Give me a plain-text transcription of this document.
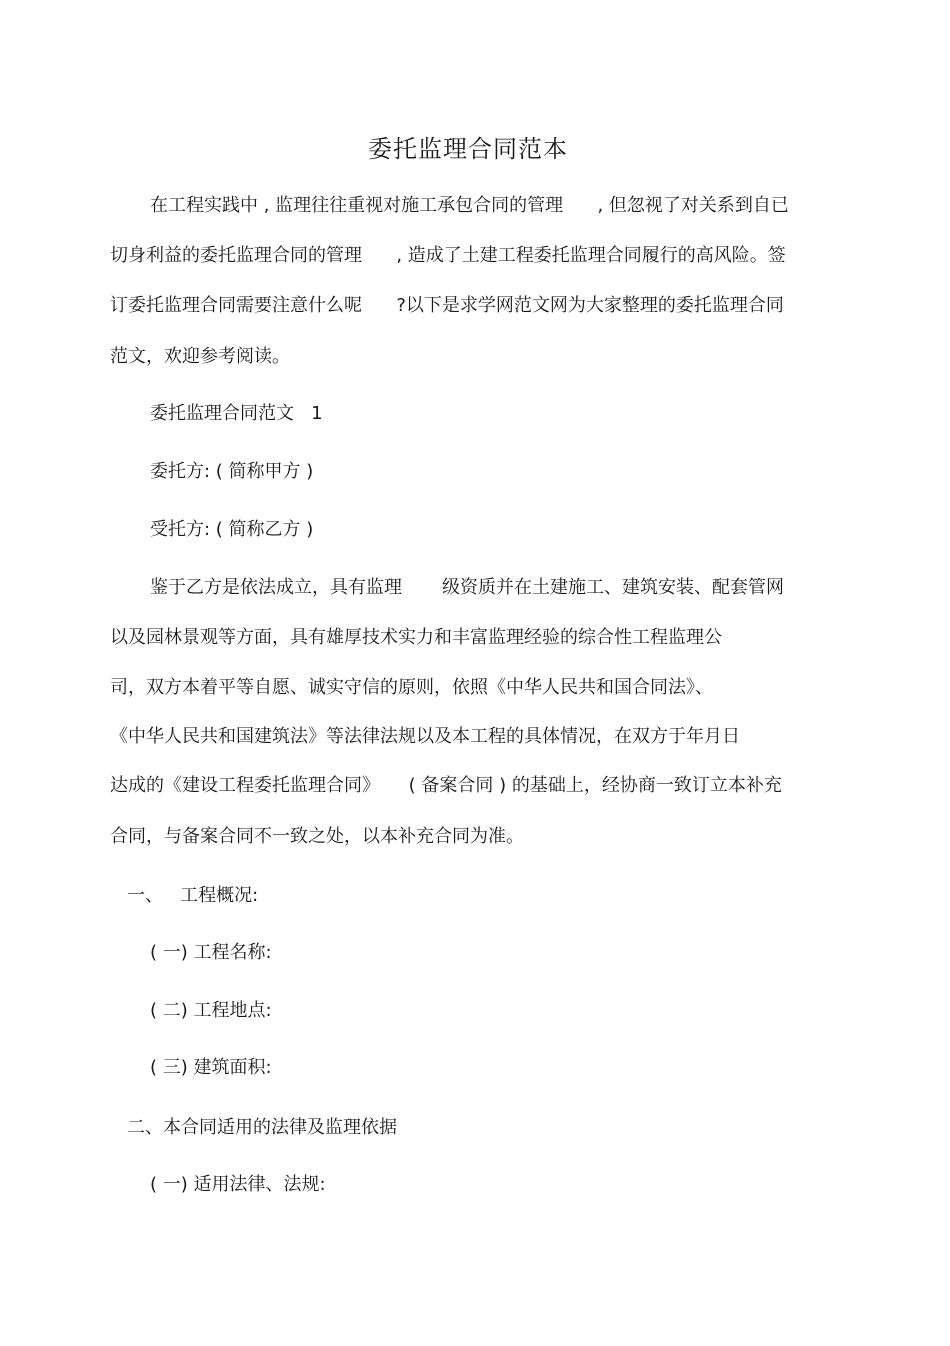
委托监理合同范本

在工程实践中 , 监理往往重视对施工承包合同的管理      , 但忽视了对关系到自已

切身利益的委托监理合同的管理      , 造成了土建工程委托监理合同履行的高风险。签

订委托监理合同需要注意什么呢      ?以下是求学网范文网为大家整理的委托监理合同

范文，欢迎参考阅读。

委托监理合同范文   1

委托方: ( 简称甲方 )

受托方: ( 简称乙方 )

鉴于乙方是依法成立，具有监理       级资质并在土建施工、建筑安装、配套管网

以及园林景观等方面，具有雄厚技术实力和丰富监理经验的综合性工程监理公

司，双方本着平等自愿、诚实守信的原则，依照《中华人民共和国合同法》、

《中华人民共和国建筑法》等法律法规以及本工程的具体情况，在双方于年月日

达成的《建设工程委托监理合同》     ( 备案合同 ) 的基础上，经协商一致订立本补充

合同，与备案合同不一致之处，以本补充合同为准。

一、   工程概况:

( 一) 工程名称:

( 二) 工程地点:

( 三) 建筑面积:

二、本合同适用的法律及监理依据

( 一) 适用法律、法规:
